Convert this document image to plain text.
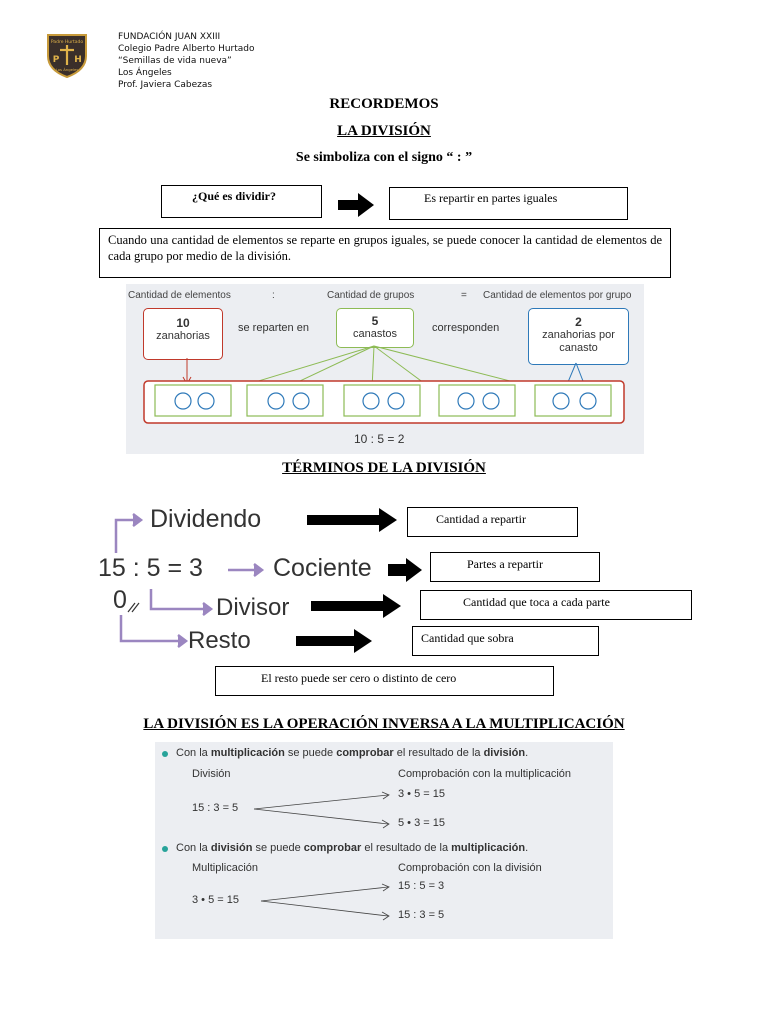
Padre Hurtado
P H
Los Ángeles
FUNDACIÓN JUAN XXIII
Colegio Padre Alberto Hurtado
“Semillas de vida nueva”
Los Ángeles
Prof. Javiera Cabezas
RECORDEMOS
LA DIVISIÓN
Se simboliza con el signo “ : ”
¿Qué es dividir?	Es repartir en partes iguales
Cuando una cantidad de elementos se reparte en grupos iguales, se puede conocer la cantidad de elementos de cada grupo por medio de la división.
Cantidad de elementos	:	Cantidad de grupos	= Cantidad de elementos por grupo
10
zanahorias
se reparten en	5
canastos	corresponden	2
zanahorias por
canasto
10 : 5 = 2
TÉRMINOS DE LA DIVISIÓN
Dividendo
15 : 5 = 3	Cociente
0	Divisor
Resto
Cantidad a repartir
Partes a repartir
Cantidad que toca a cada parte
Cantidad que sobra
El resto puede ser cero o distinto de cero
LA DIVISIÓN ES LA OPERACIÓN INVERSA A LA MULTIPLICACIÓN
Con la multiplicación se puede comprobar el resultado de la división.
División	Comprobación con la multiplicación
15 : 3 = 5
3 • 5 = 15
5 • 3 = 15
Con la división se puede comprobar el resultado de la multiplicación.
Multiplicación	Comprobación con la división
3 • 5 = 15
15 : 5 = 3
15 : 3 = 5
